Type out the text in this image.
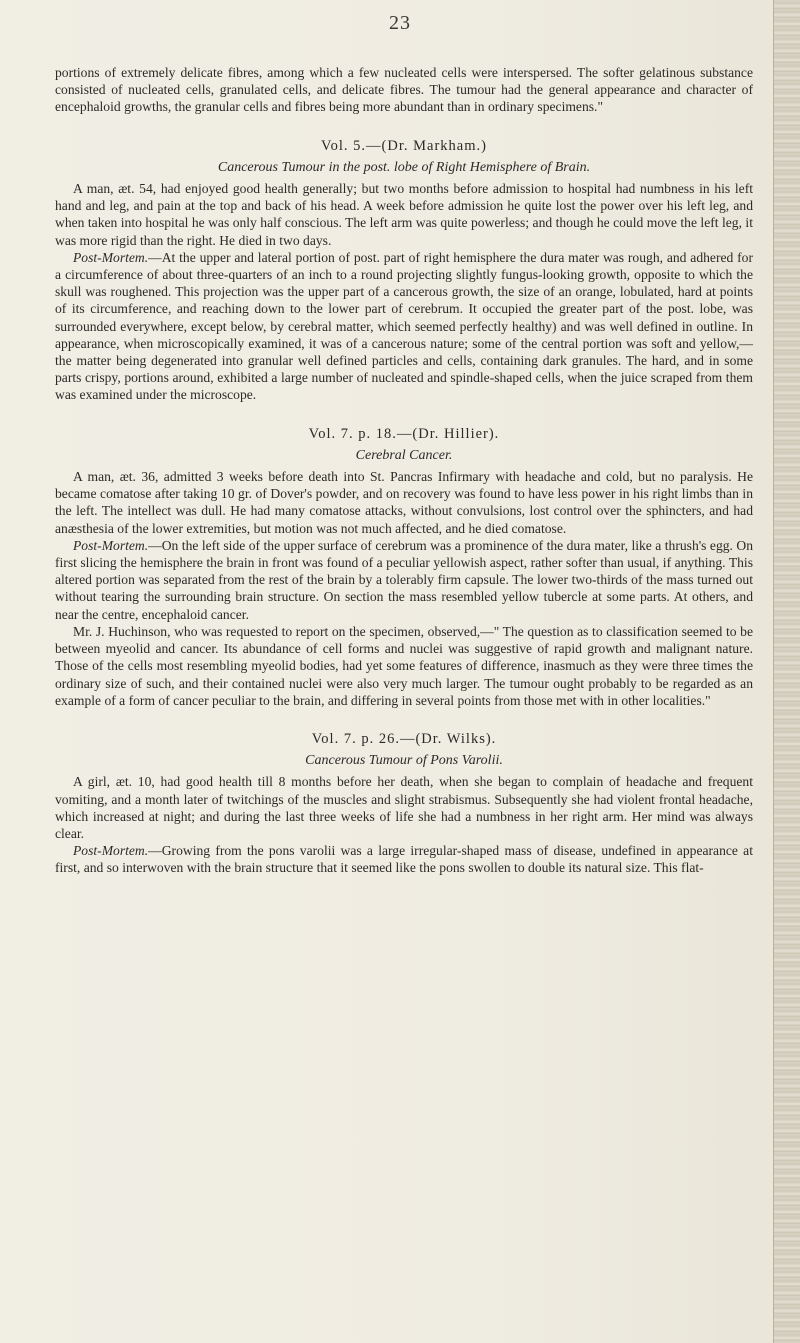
23

portions of extremely delicate fibres, among which a few nucleated cells were interspersed. The softer gelatinous substance consisted of nucleated cells, granulated cells, and delicate fibres. The tumour had the general appearance and character of encephaloid growths, the granular cells and fibres being more abundant than in ordinary specimens."

Vol. 5.—(Dr. Markham.)
Cancerous Tumour in the post. lobe of Right Hemisphere of Brain.

A man, æt. 54, had enjoyed good health generally; but two months before admission to hospital had numbness in his left hand and leg, and pain at the top and back of his head. A week before admission he quite lost the power over his left leg, and when taken into hospital he was only half conscious. The left arm was quite powerless; and though he could move the left leg, it was more rigid than the right. He died in two days.

Post-Mortem.—At the upper and lateral portion of post. part of right hemisphere the dura mater was rough, and adhered for a circumference of about three-quarters of an inch to a round projecting slightly fungus-looking growth, opposite to which the skull was roughened. This projection was the upper part of a cancerous growth, the size of an orange, lobulated, hard at points of its circumference, and reaching down to the lower part of cerebrum. It occupied the greater part of the post. lobe, was surrounded everywhere, except below, by cerebral matter, which seemed perfectly healthy) and was well defined in outline. In appearance, when microscopically examined, it was of a cancerous nature; some of the central portion was soft and yellow,—the matter being degenerated into granular well defined particles and cells, containing dark granules. The hard, and in some parts crispy, portions around, exhibited a large number of nucleated and spindle-shaped cells, when the juice scraped from them was examined under the microscope.

Vol. 7. p. 18.—(Dr. Hillier).
Cerebral Cancer.

A man, æt. 36, admitted 3 weeks before death into St. Pancras Infirmary with headache and cold, but no paralysis. He became comatose after taking 10 gr. of Dover's powder, and on recovery was found to have less power in his right limbs than in the left. The intellect was dull. He had many comatose attacks, without convulsions, lost control over the sphincters, and had anæsthesia of the lower extremities, but motion was not much affected, and he died comatose.

Post-Mortem.—On the left side of the upper surface of cerebrum was a prominence of the dura mater, like a thrush's egg. On first slicing the hemisphere the brain in front was found of a peculiar yellowish aspect, rather softer than usual, if anything. This altered portion was separated from the rest of the brain by a tolerably firm capsule. The lower two-thirds of the mass turned out without tearing the surrounding brain structure. On section the mass resembled yellow tubercle at some parts. At others, and near the centre, encephaloid cancer.

Mr. J. Huchinson, who was requested to report on the specimen, observed,—" The question as to classification seemed to be between myeolid and cancer. Its abundance of cell forms and nuclei was suggestive of rapid growth and malignant nature. Those of the cells most resembling myeolid bodies, had yet some features of difference, inasmuch as they were three times the ordinary size of such, and their contained nuclei were also very much larger. The tumour ought probably to be regarded as an example of a form of cancer peculiar to the brain, and differing in several points from those met with in other localities."

Vol. 7. p. 26.—(Dr. Wilks).
Cancerous Tumour of Pons Varolii.

A girl, æt. 10, had good health till 8 months before her death, when she began to complain of headache and frequent vomiting, and a month later of twitchings of the muscles and slight strabismus. Subsequently she had violent frontal headache, which increased at night; and during the last three weeks of life she had a numbness in her right arm. Her mind was always clear.

Post-Mortem.—Growing from the pons varolii was a large irregular-shaped mass of disease, undefined in appearance at first, and so interwoven with the brain structure that it seemed like the pons swollen to double its natural size. This flat-
